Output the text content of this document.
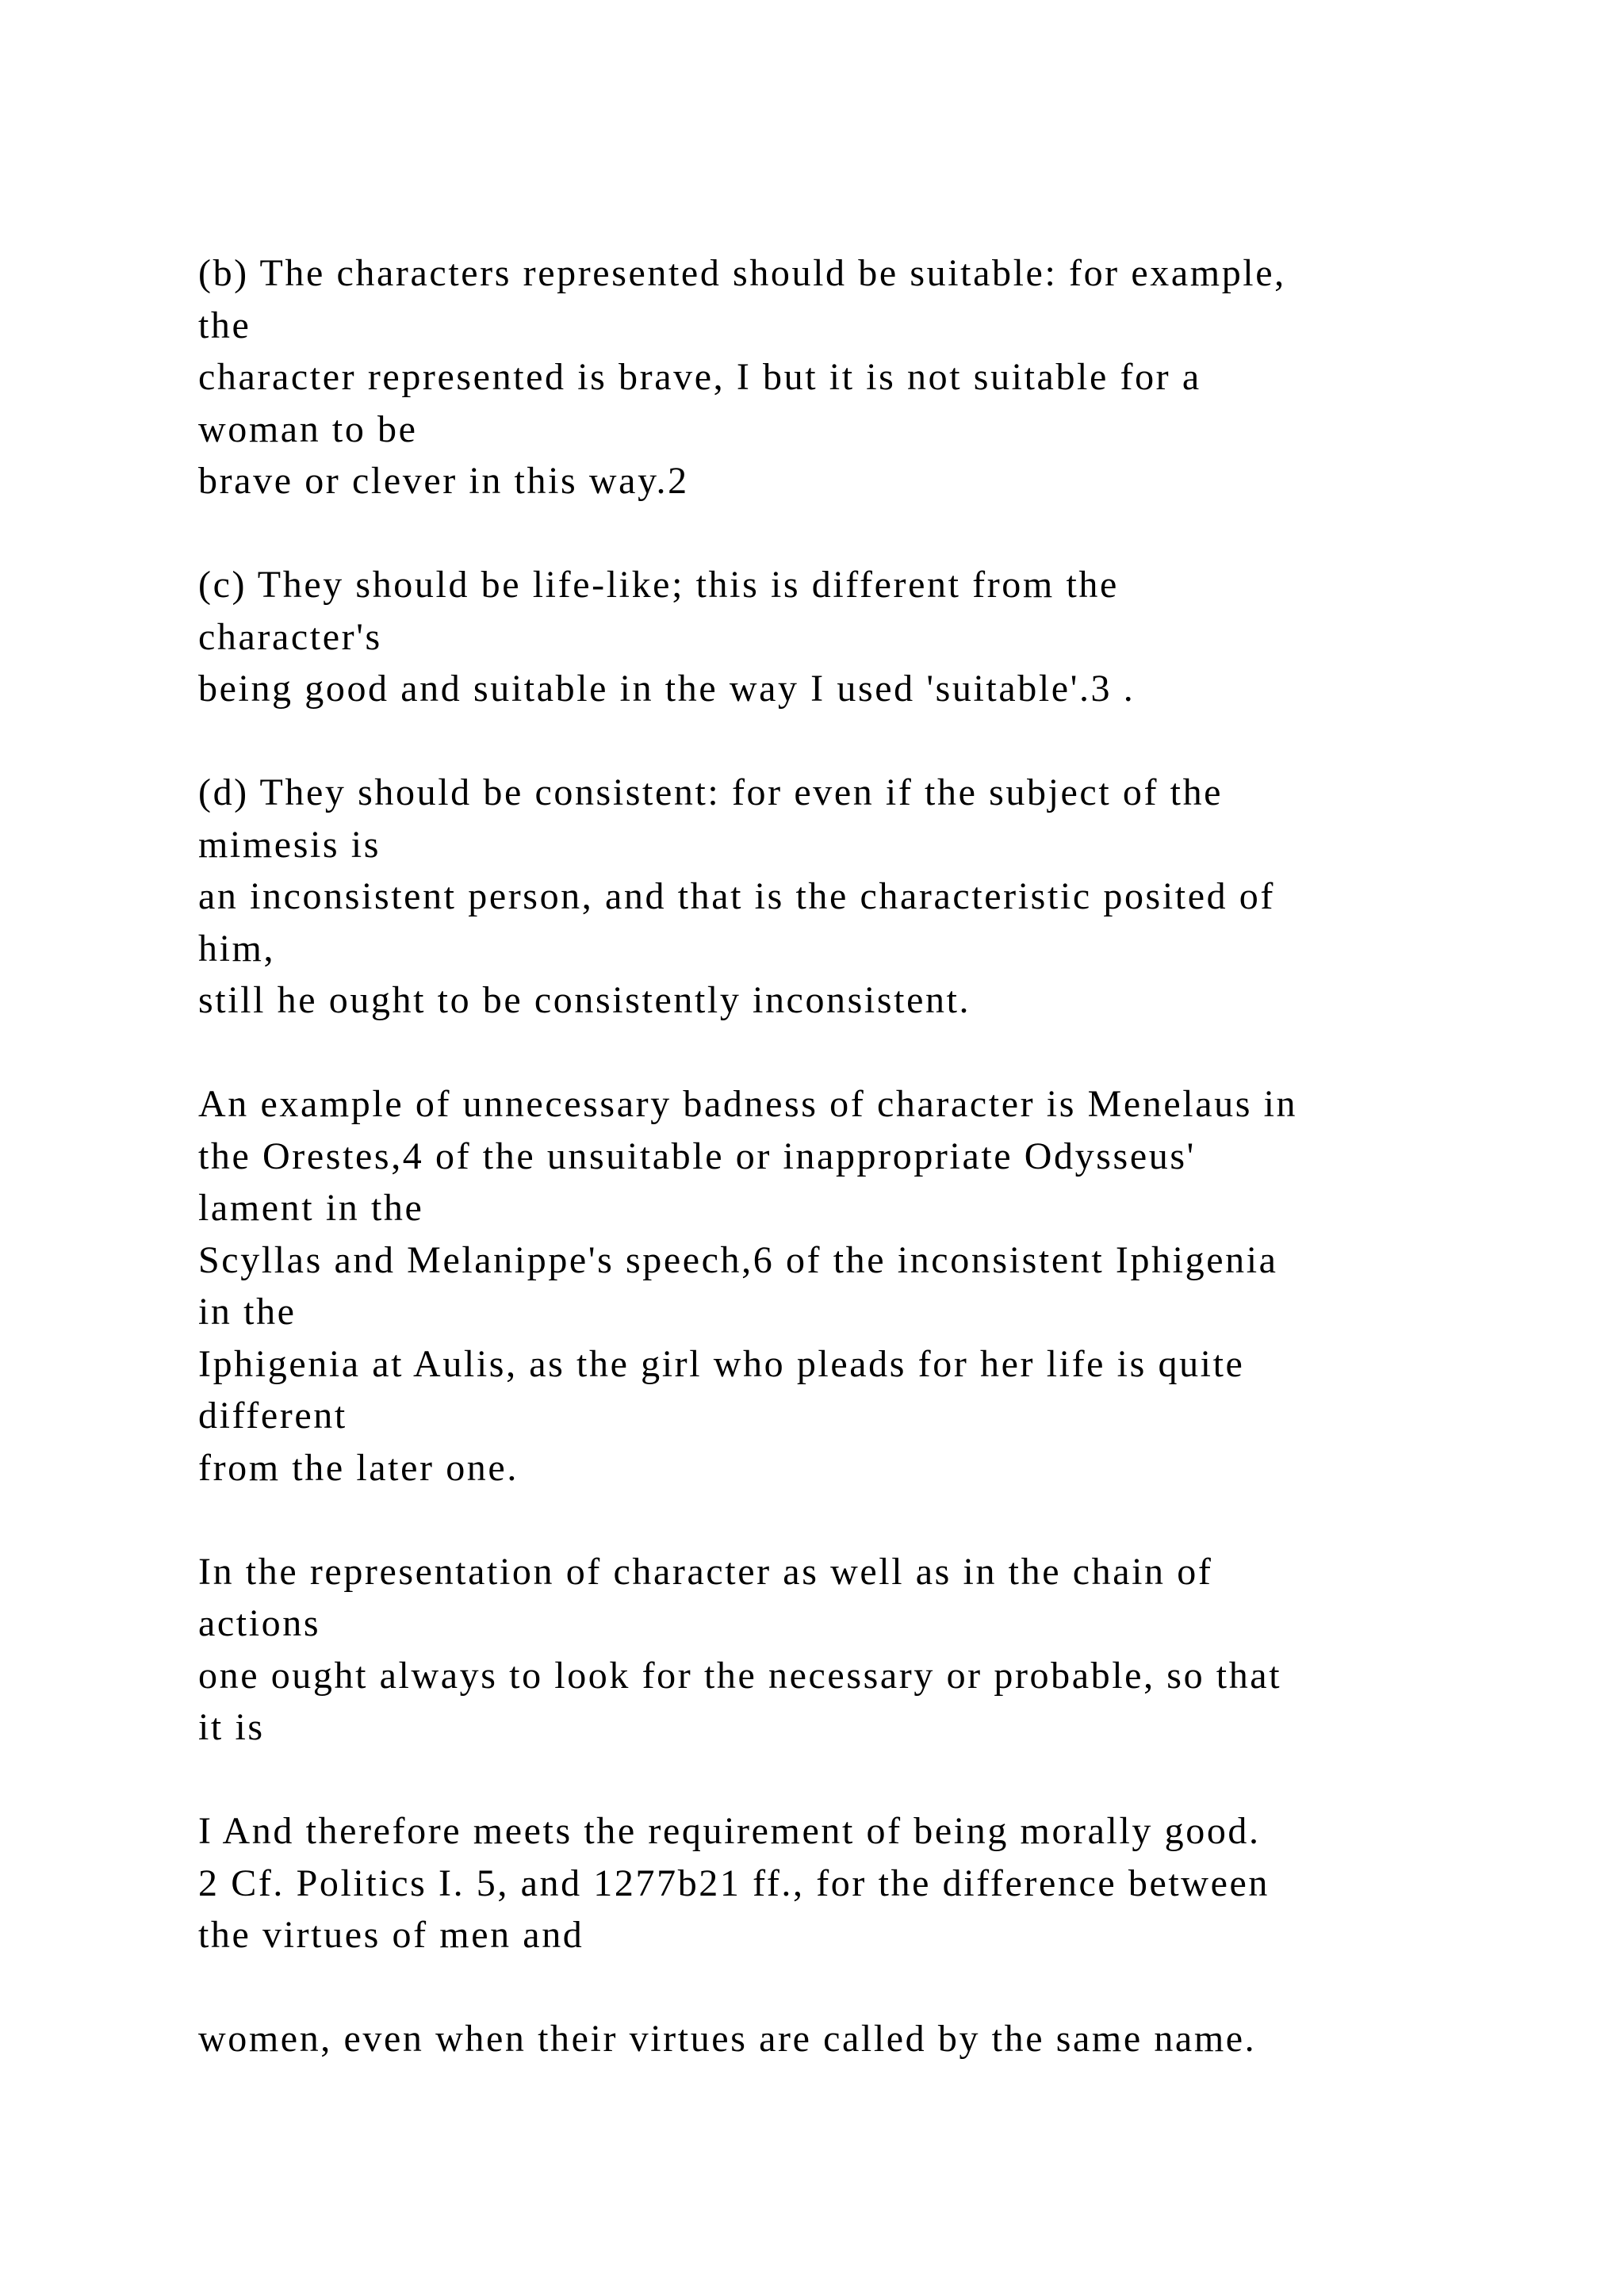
(b) The characters represented should be suitable: for example,
the
character represented is brave, I but it is not suitable for a
woman to be
brave or clever in this way.2
(c) They should be life-like; this is different from the
character's
being good and suitable in the way I used 'suitable'.3 .
(d) They should be consistent: for even if the subject of the
mimesis is
an inconsistent person, and that is the characteristic posited of
him,
still he ought to be consistently inconsistent.
An example of unnecessary badness of character is Menelaus in
the Orestes,4 of the unsuitable or inappropriate Odysseus'
lament in the
Scyllas and Melanippe's speech,6 of the inconsistent Iphigenia
in the
Iphigenia at Aulis, as the girl who pleads for her life is quite
different
from the later one.
In the representation of character as well as in the chain of
actions
one ought always to look for the necessary or probable, so that
it is
I And therefore meets the requirement of being morally good.
2 Cf. Politics I. 5, and 1277b21 ff., for the difference between
the virtues of men and
women, even when their virtues are called by the same name.
